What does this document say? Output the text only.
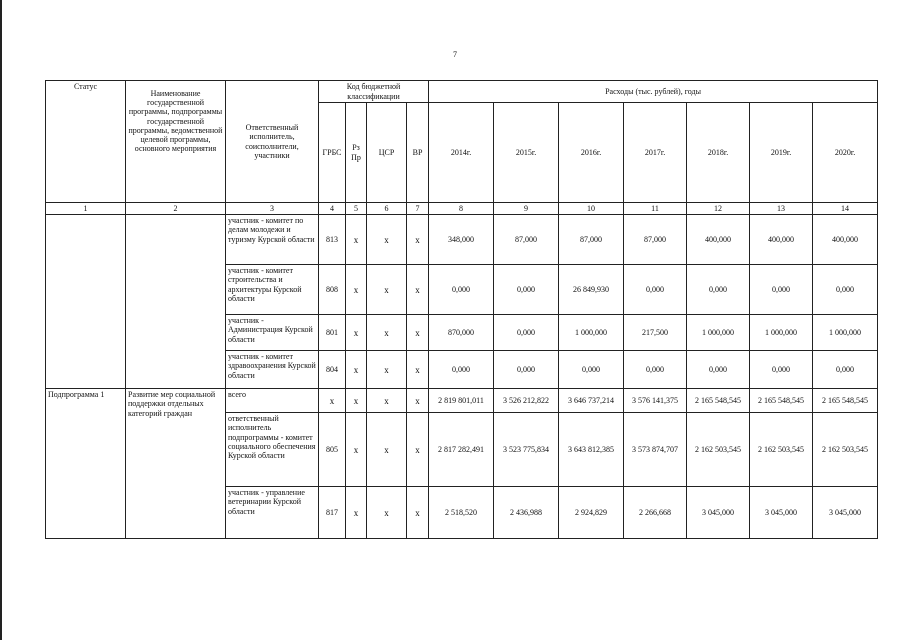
7
Статус	Наименование государственной программы, подпрограммы государственной программы, ведомственной целевой программы, основного мероприятия	Ответственный исполнитель, соисполнители, участники	Код бюджетной классификации				Расходы (тыс. рублей), годы						
			ГРБС	Рз Пр	ЦСР	ВР	2014г.	2015г.	2016г.	2017г.	2018г.	2019г.	2020г.
1	2	3	4	5	6	7	8	9	10	11	12	13	14
		участник - комитет по делам молодежи и туризму Курской области	813	х	х	х	348,000	87,000	87,000	87,000	400,000	400,000	400,000
		участник - комитет строительства и архитектуры Курской области	808	х	х	х	0,000	0,000	26 849,930	0,000	0,000	0,000	0,000
		участник - Администрация Курской области	801	х	х	х	870,000	0,000	1 000,000	217,500	1 000,000	1 000,000	1 000,000
		участник - комитет здравоохранения Курской области	804	х	х	х	0,000	0,000	0,000	0,000	0,000	0,000	0,000
Подпрограмма 1	Развитие мер социальной поддержки отдельных категорий граждан	всего	х	х	х	х	2 819 801,011	3 526 212,822	3 646 737,214	3 576 141,375	2 165 548,545	2 165 548,545	2 165 548,545
		ответственный исполнитель подпрограммы - комитет социального обеспечения Курской области	805	х	х	х	2 817 282,491	3 523 775,834	3 643 812,385	3 573 874,707	2 162 503,545	2 162 503,545	2 162 503,545
		участник - управление ветеринарии Курской области	817	х	х	х	2 518,520	2 436,988	2 924,829	2 266,668	3 045,000	3 045,000	3 045,000
